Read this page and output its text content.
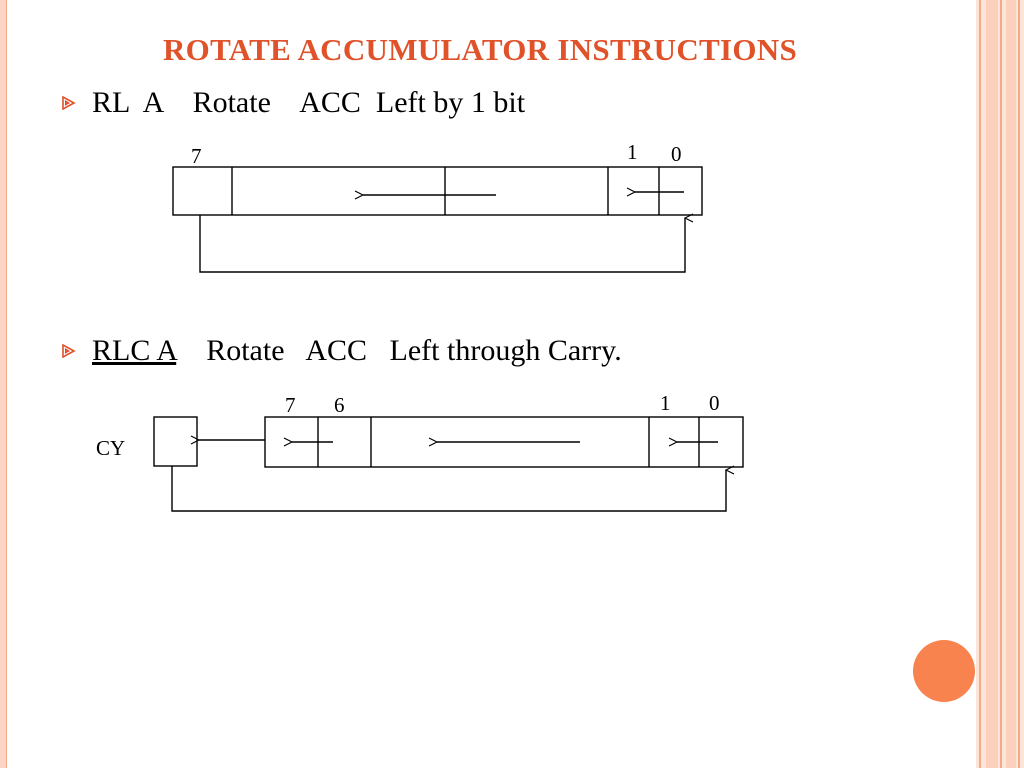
ROTATE ACCUMULATOR INSTRUCTIONS

RL  A    Rotate    ACC  Left by 1 bit

RLC A    Rotate   ACC   Left through Carry.

7	1 0
CY
7 6	1 0
